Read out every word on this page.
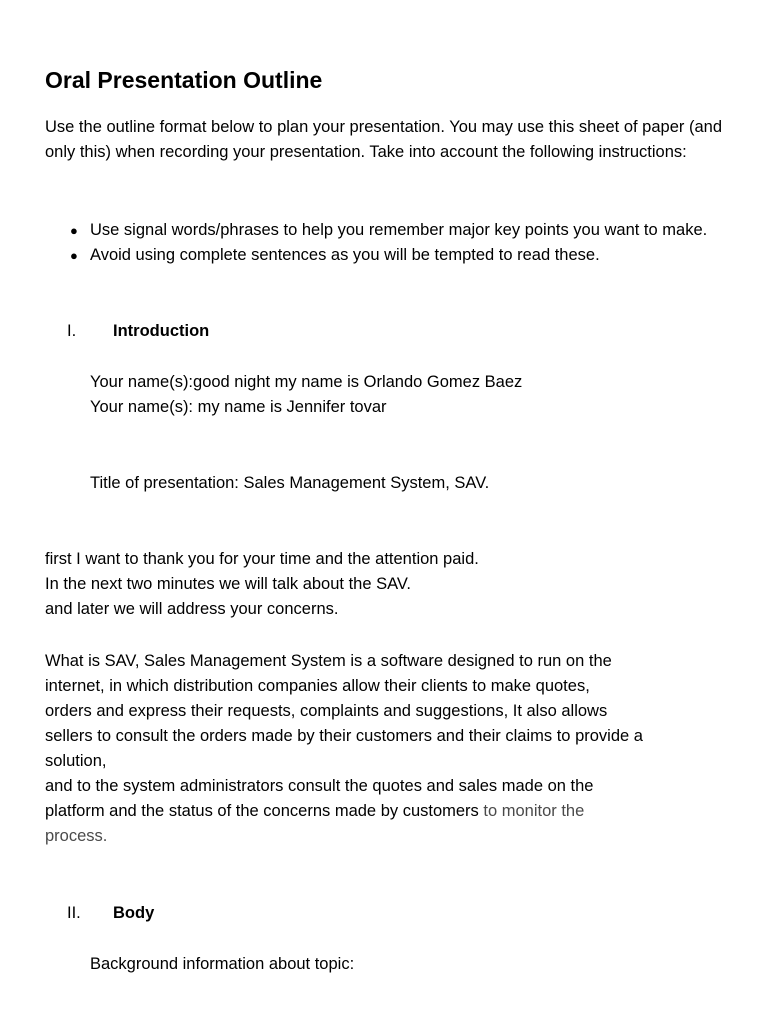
Oral Presentation Outline

Use the outline format below to plan your presentation. You may use this sheet of paper (and only this) when recording your presentation. Take into account the following instructions:

● Use signal words/phrases to help you remember major key points you want to make.
● Avoid using complete sentences as you will be tempted to read these.

I. Introduction

Your name(s):good night my name is Orlando Gomez Baez

Your name(s): my name is Jennifer tovar

Title of presentation: Sales Management System, SAV.

first I want to thank you for your time and the attention paid.
In the next two minutes we will talk about the SAV.
and later we will address your concerns.
What is SAV, Sales Management System is a software designed to run on the
internet, in which distribution companies allow their clients to make quotes,
orders and express their requests, complaints and suggestions, It also allows
sellers to consult the orders made by their customers and their claims to provide a
solution,
and to the system administrators consult the quotes and sales made on the
platform and the status of the concerns made by customers to monitor the
process.

II. Body

Background information about topic:
